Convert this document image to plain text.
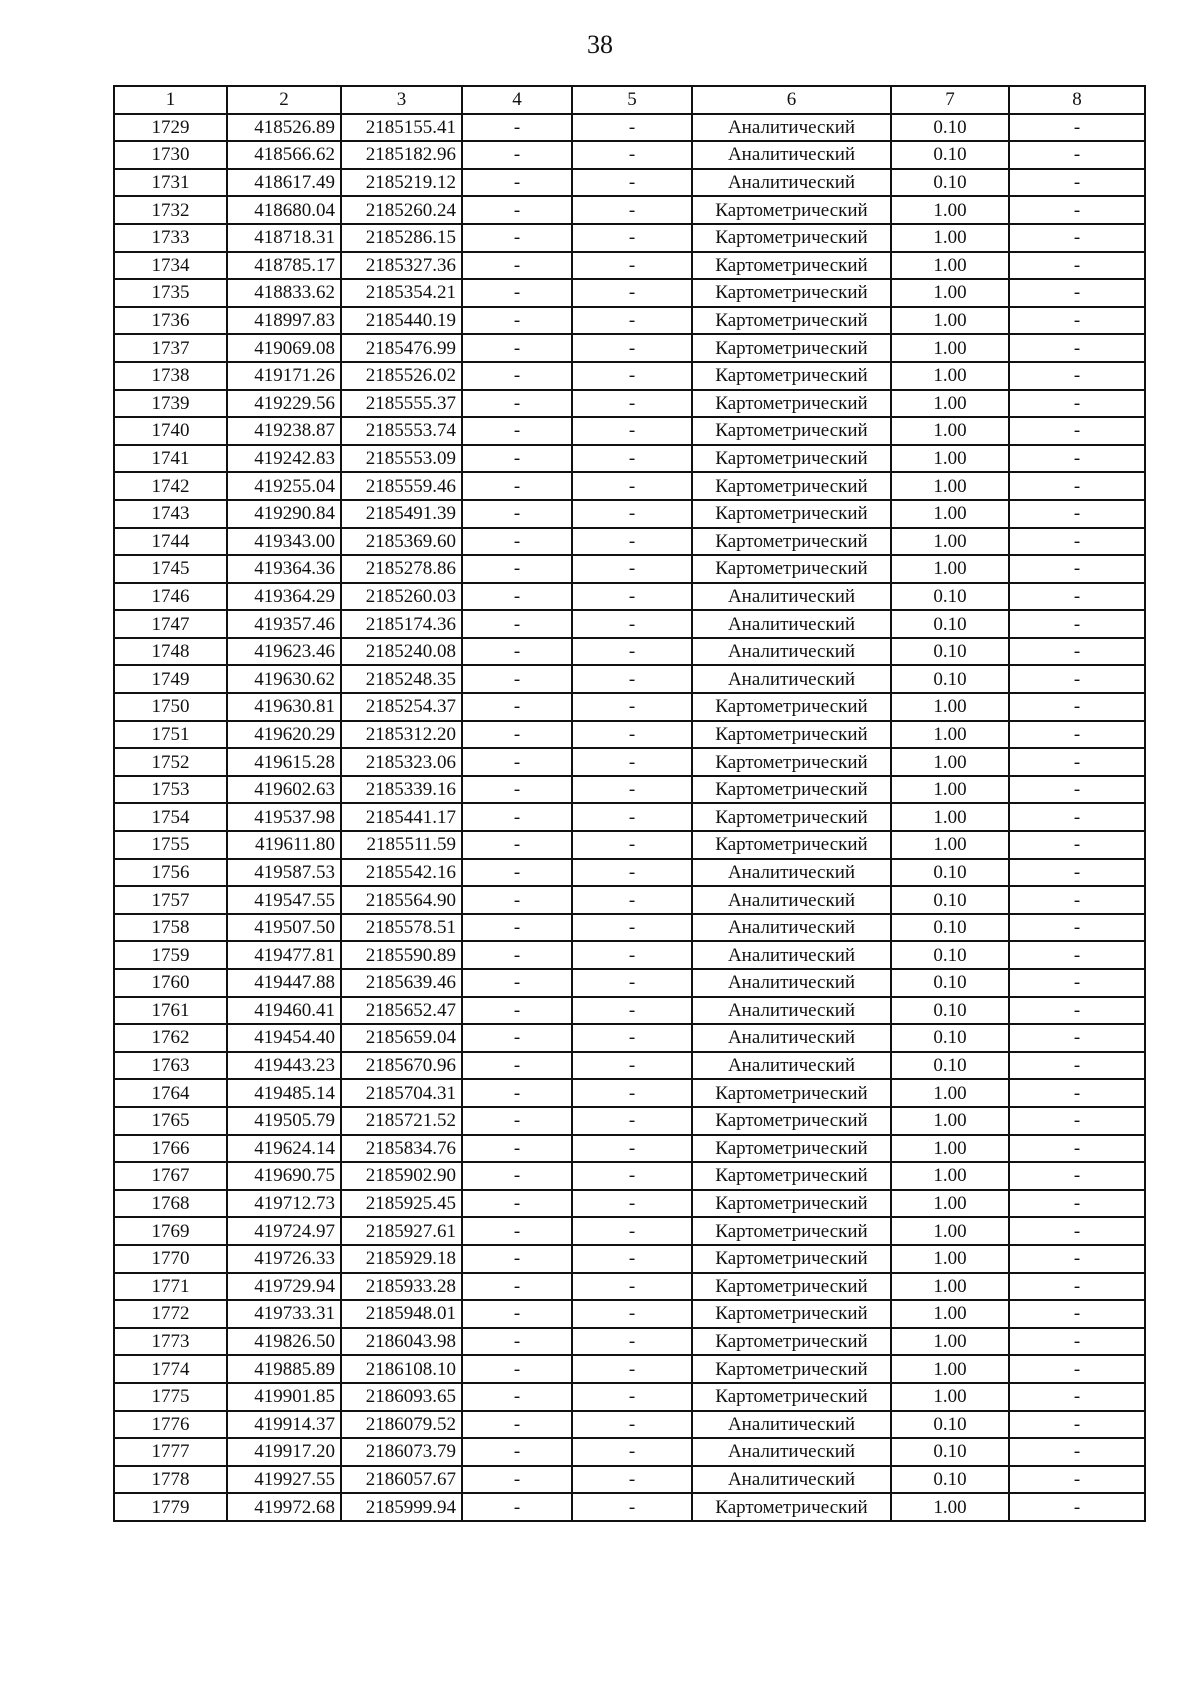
38
1	2	3	4	5	6	7	8
1729	418526.89	2185155.41	-	-	Аналитический	0.10	-
1730	418566.62	2185182.96	-	-	Аналитический	0.10	-
1731	418617.49	2185219.12	-	-	Аналитический	0.10	-
1732	418680.04	2185260.24	-	-	Картометрический	1.00	-
1733	418718.31	2185286.15	-	-	Картометрический	1.00	-
1734	418785.17	2185327.36	-	-	Картометрический	1.00	-
1735	418833.62	2185354.21	-	-	Картометрический	1.00	-
1736	418997.83	2185440.19	-	-	Картометрический	1.00	-
1737	419069.08	2185476.99	-	-	Картометрический	1.00	-
1738	419171.26	2185526.02	-	-	Картометрический	1.00	-
1739	419229.56	2185555.37	-	-	Картометрический	1.00	-
1740	419238.87	2185553.74	-	-	Картометрический	1.00	-
1741	419242.83	2185553.09	-	-	Картометрический	1.00	-
1742	419255.04	2185559.46	-	-	Картометрический	1.00	-
1743	419290.84	2185491.39	-	-	Картометрический	1.00	-
1744	419343.00	2185369.60	-	-	Картометрический	1.00	-
1745	419364.36	2185278.86	-	-	Картометрический	1.00	-
1746	419364.29	2185260.03	-	-	Аналитический	0.10	-
1747	419357.46	2185174.36	-	-	Аналитический	0.10	-
1748	419623.46	2185240.08	-	-	Аналитический	0.10	-
1749	419630.62	2185248.35	-	-	Аналитический	0.10	-
1750	419630.81	2185254.37	-	-	Картометрический	1.00	-
1751	419620.29	2185312.20	-	-	Картометрический	1.00	-
1752	419615.28	2185323.06	-	-	Картометрический	1.00	-
1753	419602.63	2185339.16	-	-	Картометрический	1.00	-
1754	419537.98	2185441.17	-	-	Картометрический	1.00	-
1755	419611.80	2185511.59	-	-	Картометрический	1.00	-
1756	419587.53	2185542.16	-	-	Аналитический	0.10	-
1757	419547.55	2185564.90	-	-	Аналитический	0.10	-
1758	419507.50	2185578.51	-	-	Аналитический	0.10	-
1759	419477.81	2185590.89	-	-	Аналитический	0.10	-
1760	419447.88	2185639.46	-	-	Аналитический	0.10	-
1761	419460.41	2185652.47	-	-	Аналитический	0.10	-
1762	419454.40	2185659.04	-	-	Аналитический	0.10	-
1763	419443.23	2185670.96	-	-	Аналитический	0.10	-
1764	419485.14	2185704.31	-	-	Картометрический	1.00	-
1765	419505.79	2185721.52	-	-	Картометрический	1.00	-
1766	419624.14	2185834.76	-	-	Картометрический	1.00	-
1767	419690.75	2185902.90	-	-	Картометрический	1.00	-
1768	419712.73	2185925.45	-	-	Картометрический	1.00	-
1769	419724.97	2185927.61	-	-	Картометрический	1.00	-
1770	419726.33	2185929.18	-	-	Картометрический	1.00	-
1771	419729.94	2185933.28	-	-	Картометрический	1.00	-
1772	419733.31	2185948.01	-	-	Картометрический	1.00	-
1773	419826.50	2186043.98	-	-	Картометрический	1.00	-
1774	419885.89	2186108.10	-	-	Картометрический	1.00	-
1775	419901.85	2186093.65	-	-	Картометрический	1.00	-
1776	419914.37	2186079.52	-	-	Аналитический	0.10	-
1777	419917.20	2186073.79	-	-	Аналитический	0.10	-
1778	419927.55	2186057.67	-	-	Аналитический	0.10	-
1779	419972.68	2185999.94	-	-	Картометрический	1.00	-
